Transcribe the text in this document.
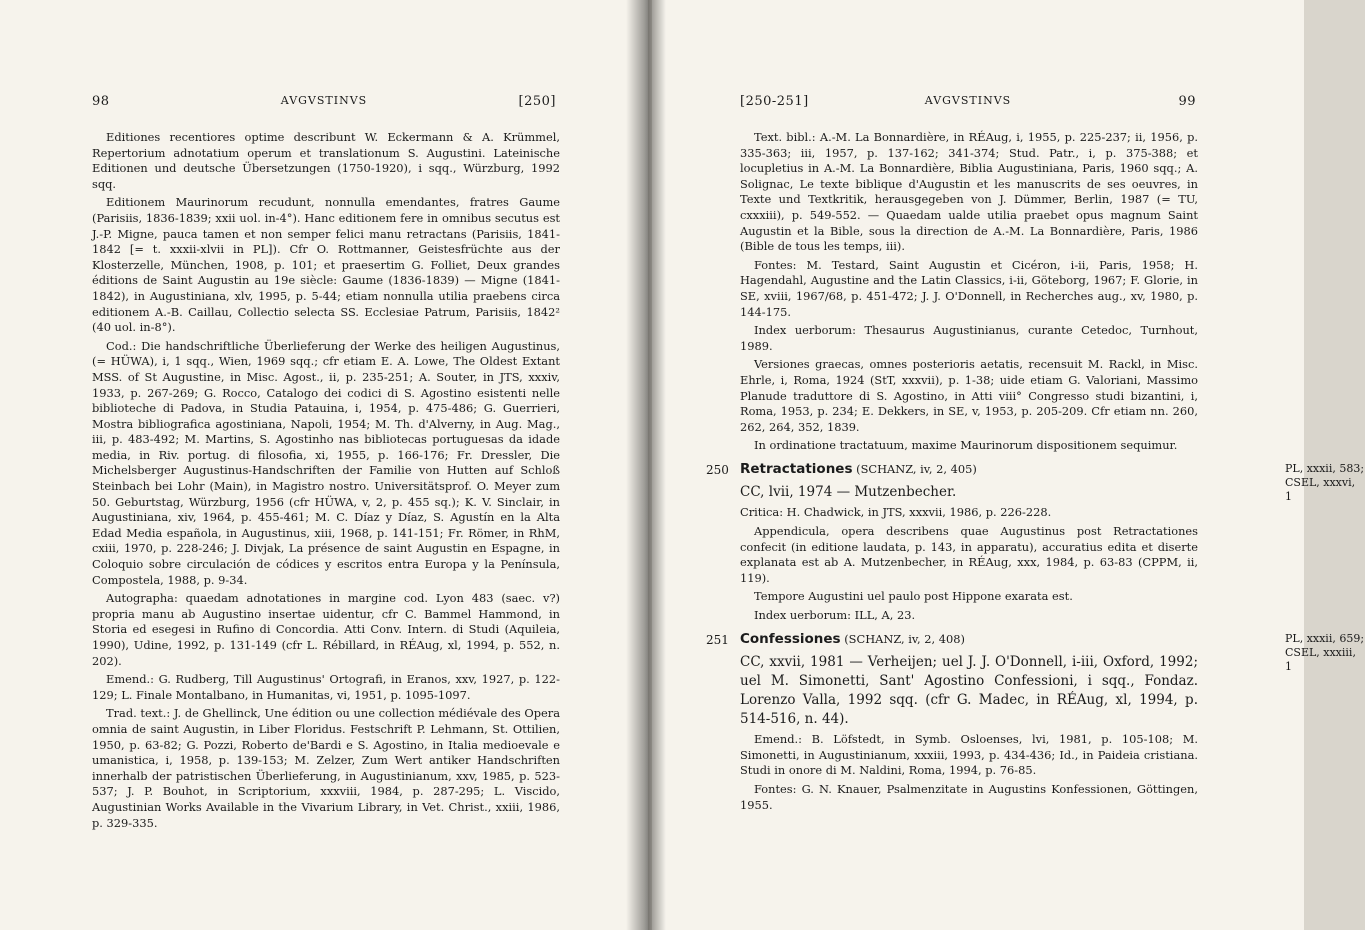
98	AVGVSTINVS	[250]

Editiones recentiores optime describunt W. Eckermann & A. Krümmel, Repertorium adnotatium operum et translationum S. Augustini. Lateinische Editionen und deutsche Übersetzungen (1750-1920), i sqq., Würzburg, 1992 sqq.

Editionem Maurinorum recudunt, nonnulla emendantes, fratres Gaume (Parisiis, 1836-1839; xxii uol. in-4°). Hanc editionem fere in omnibus secutus est J.-P. Migne, pauca tamen et non semper felici manu retractans (Parisiis, 1841-1842 [= t. xxxii-xlvii in PL]). Cfr O. Rottmanner, Geistesfrüchte aus der Klosterzelle, München, 1908, p. 101; et praesertim G. Folliet, Deux grandes éditions de Saint Augustin au 19e siècle: Gaume (1836-1839) — Migne (1841-1842), in Augustiniana, xlv, 1995, p. 5-44; etiam nonnulla utilia praebens circa editionem A.-B. Caillau, Collectio selecta SS. Ecclesiae Patrum, Parisiis, 1842² (40 uol. in-8°).

Cod.: Die handschriftliche Überlieferung der Werke des heiligen Augustinus, (= HÜWA), i, 1 sqq., Wien, 1969 sqq.; cfr etiam E. A. Lowe, The Oldest Extant MSS. of St Augustine, in Misc. Agost., ii, p. 235-251; A. Souter, in JTS, xxxiv, 1933, p. 267-269; G. Rocco, Catalogo dei codici di S. Agostino esistenti nelle biblioteche di Padova, in Studia Patauina, i, 1954, p. 475-486; G. Guerrieri, Mostra bibliografica agostiniana, Napoli, 1954; M. Th. d'Alverny, in Aug. Mag., iii, p. 483-492; M. Martins, S. Agostinho nas bibliotecas portuguesas da idade media, in Riv. portug. di filosofia, xi, 1955, p. 166-176; Fr. Dressler, Die Michelsberger Augustinus-Handschriften der Familie von Hutten auf Schloß Steinbach bei Lohr (Main), in Magistro nostro. Universitätsprof. O. Meyer zum 50. Geburtstag, Würzburg, 1956 (cfr HÜWA, v, 2, p. 455 sq.); K. V. Sinclair, in Augustiniana, xiv, 1964, p. 455-461; M. C. Díaz y Díaz, S. Agustín en la Alta Edad Media española, in Augustinus, xiii, 1968, p. 141-151; Fr. Römer, in RhM, cxiii, 1970, p. 228-246; J. Divjak, La présence de saint Augustin en Espagne, in Coloquio sobre circulación de códices y escritos entra Europa y la Península, Compostela, 1988, p. 9-34.

Autographa: quaedam adnotationes in margine cod. Lyon 483 (saec. v?) propria manu ab Augustino insertae uidentur, cfr C. Bammel Hammond, in Storia ed esegesi in Rufino di Concordia. Atti Conv. Intern. di Studi (Aquileia, 1990), Udine, 1992, p. 131-149 (cfr L. Rébillard, in RÉAug, xl, 1994, p. 552, n. 202).

Emend.: G. Rudberg, Till Augustinus' Ortografi, in Eranos, xxv, 1927, p. 122-129; L. Finale Montalbano, in Humanitas, vi, 1951, p. 1095-1097.

Trad. text.: J. de Ghellinck, Une édition ou une collection médiévale des Opera omnia de saint Augustin, in Liber Floridus. Festschrift P. Lehmann, St. Ottilien, 1950, p. 63-82; G. Pozzi, Roberto de'Bardi e S. Agostino, in Italia medioevale e umanistica, i, 1958, p. 139-153; M. Zelzer, Zum Wert antiker Handschriften innerhalb der patristischen Überlieferung, in Augustinianum, xxv, 1985, p. 523-537; J. P. Bouhot, in Scriptorium, xxxviii, 1984, p. 287-295; L. Viscido, Augustinian Works Available in the Vivarium Library, in Vet. Christ., xxiii, 1986, p. 329-335.

[250-251]	AVGVSTINVS	99

Text. bibl.: A.-M. La Bonnardière, in RÉAug, i, 1955, p. 225-237; ii, 1956, p. 335-363; iii, 1957, p. 137-162; 341-374; Stud. Patr., i, p. 375-388; et locupletius in A.-M. La Bonnardière, Biblia Augustiniana, Paris, 1960 sqq.; A. Solignac, Le texte biblique d'Augustin et les manuscrits de ses oeuvres, in Texte und Textkritik, herausgegeben von J. Dümmer, Berlin, 1987 (= TU, cxxxiii), p. 549-552. — Quaedam ualde utilia praebet opus magnum Saint Augustin et la Bible, sous la direction de A.-M. La Bonnardière, Paris, 1986 (Bible de tous les temps, iii).

Fontes: M. Testard, Saint Augustin et Cicéron, i-ii, Paris, 1958; H. Hagendahl, Augustine and the Latin Classics, i-ii, Göteborg, 1967; F. Glorie, in SE, xviii, 1967/68, p. 451-472; J. J. O'Donnell, in Recherches aug., xv, 1980, p. 144-175.

Index uerborum: Thesaurus Augustinianus, curante Cetedoc, Turnhout, 1989.

Versiones graecas, omnes posterioris aetatis, recensuit M. Rackl, in Misc. Ehrle, i, Roma, 1924 (StT, xxxvii), p. 1-38; uide etiam G. Valoriani, Massimo Planude traduttore di S. Agostino, in Atti viii° Congresso studi bizantini, i, Roma, 1953, p. 234; E. Dekkers, in SE, v, 1953, p. 205-209. Cfr etiam nn. 260, 262, 264, 352, 1839.

In ordinatione tractatuum, maxime Maurinorum dispositionem sequimur.

250 Retractationes (SCHANZ, iv, 2, 405)	PL, xxxii, 583; CSEL, xxxvi, 1

CC, lvii, 1974 — Mutzenbecher.

Critica: H. Chadwick, in JTS, xxxvii, 1986, p. 226-228.

Appendicula, opera describens quae Augustinus post Retractationes confecit (in editione laudata, p. 143, in apparatu), accuratius edita et diserte explanata est ab A. Mutzenbecher, in RÉAug, xxx, 1984, p. 63-83 (CPPM, ii, 119).

Tempore Augustini uel paulo post Hippone exarata est.

Index uerborum: ILL, A, 23.

251 Confessiones (SCHANZ, iv, 2, 408)	PL, xxxii, 659; CSEL, xxxiii, 1

CC, xxvii, 1981 — Verheijen; uel J. J. O'Donnell, i-iii, Oxford, 1992; uel M. Simonetti, Sant' Agostino Confessioni, i sqq., Fondaz. Lorenzo Valla, 1992 sqq. (cfr G. Madec, in RÉAug, xl, 1994, p. 514-516, n. 44).

Emend.: B. Löfstedt, in Symb. Osloenses, lvi, 1981, p. 105-108; M. Simonetti, in Augustinianum, xxxiii, 1993, p. 434-436; Id., in Paideia cristiana. Studi in onore di M. Naldini, Roma, 1994, p. 76-85.

Fontes: G. N. Knauer, Psalmenzitate in Augustins Konfessionen, Göttingen, 1955.
